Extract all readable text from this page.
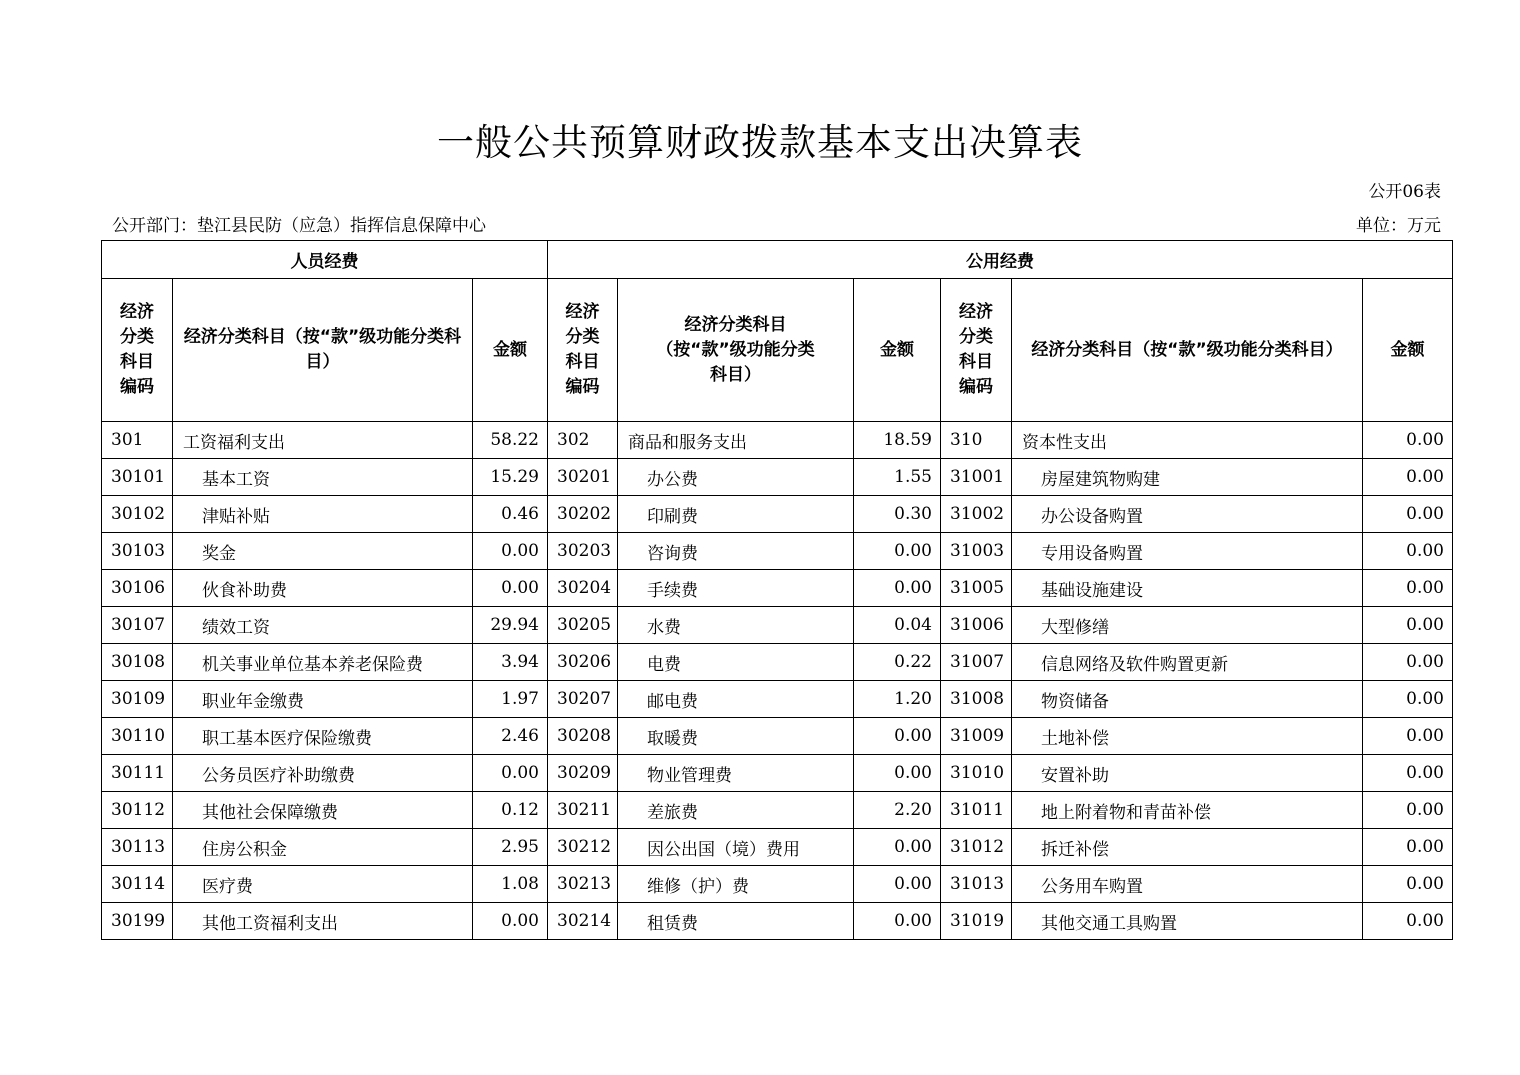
一般公共预算财政拨款基本支出决算表
公开06表
公开部门：垫江县民防（应急）指挥信息保障中心	单位：万元
人员经费			公用经费					
经济分类科目编码	经济分类科目（按“款”级功能分类科目）	金额	经济分类科目编码	经济分类科目（按“款”级功能分类科目）	金额	经济分类科目编码	经济分类科目（按“款”级功能分类科目）	金额
301	工资福利支出	58.22	302	商品和服务支出	18.59	310	资本性支出	0.00
30101	基本工资	15.29	30201	办公费	1.55	31001	房屋建筑物购建	0.00
30102	津贴补贴	0.46	30202	印刷费	0.30	31002	办公设备购置	0.00
30103	奖金	0.00	30203	咨询费	0.00	31003	专用设备购置	0.00
30106	伙食补助费	0.00	30204	手续费	0.00	31005	基础设施建设	0.00
30107	绩效工资	29.94	30205	水费	0.04	31006	大型修缮	0.00
30108	机关事业单位基本养老保险费	3.94	30206	电费	0.22	31007	信息网络及软件购置更新	0.00
30109	职业年金缴费	1.97	30207	邮电费	1.20	31008	物资储备	0.00
30110	职工基本医疗保险缴费	2.46	30208	取暖费	0.00	31009	土地补偿	0.00
30111	公务员医疗补助缴费	0.00	30209	物业管理费	0.00	31010	安置补助	0.00
30112	其他社会保障缴费	0.12	30211	差旅费	2.20	31011	地上附着物和青苗补偿	0.00
30113	住房公积金	2.95	30212	因公出国（境）费用	0.00	31012	拆迁补偿	0.00
30114	医疗费	1.08	30213	维修（护）费	0.00	31013	公务用车购置	0.00
30199	其他工资福利支出	0.00	30214	租赁费	0.00	31019	其他交通工具购置	0.00
